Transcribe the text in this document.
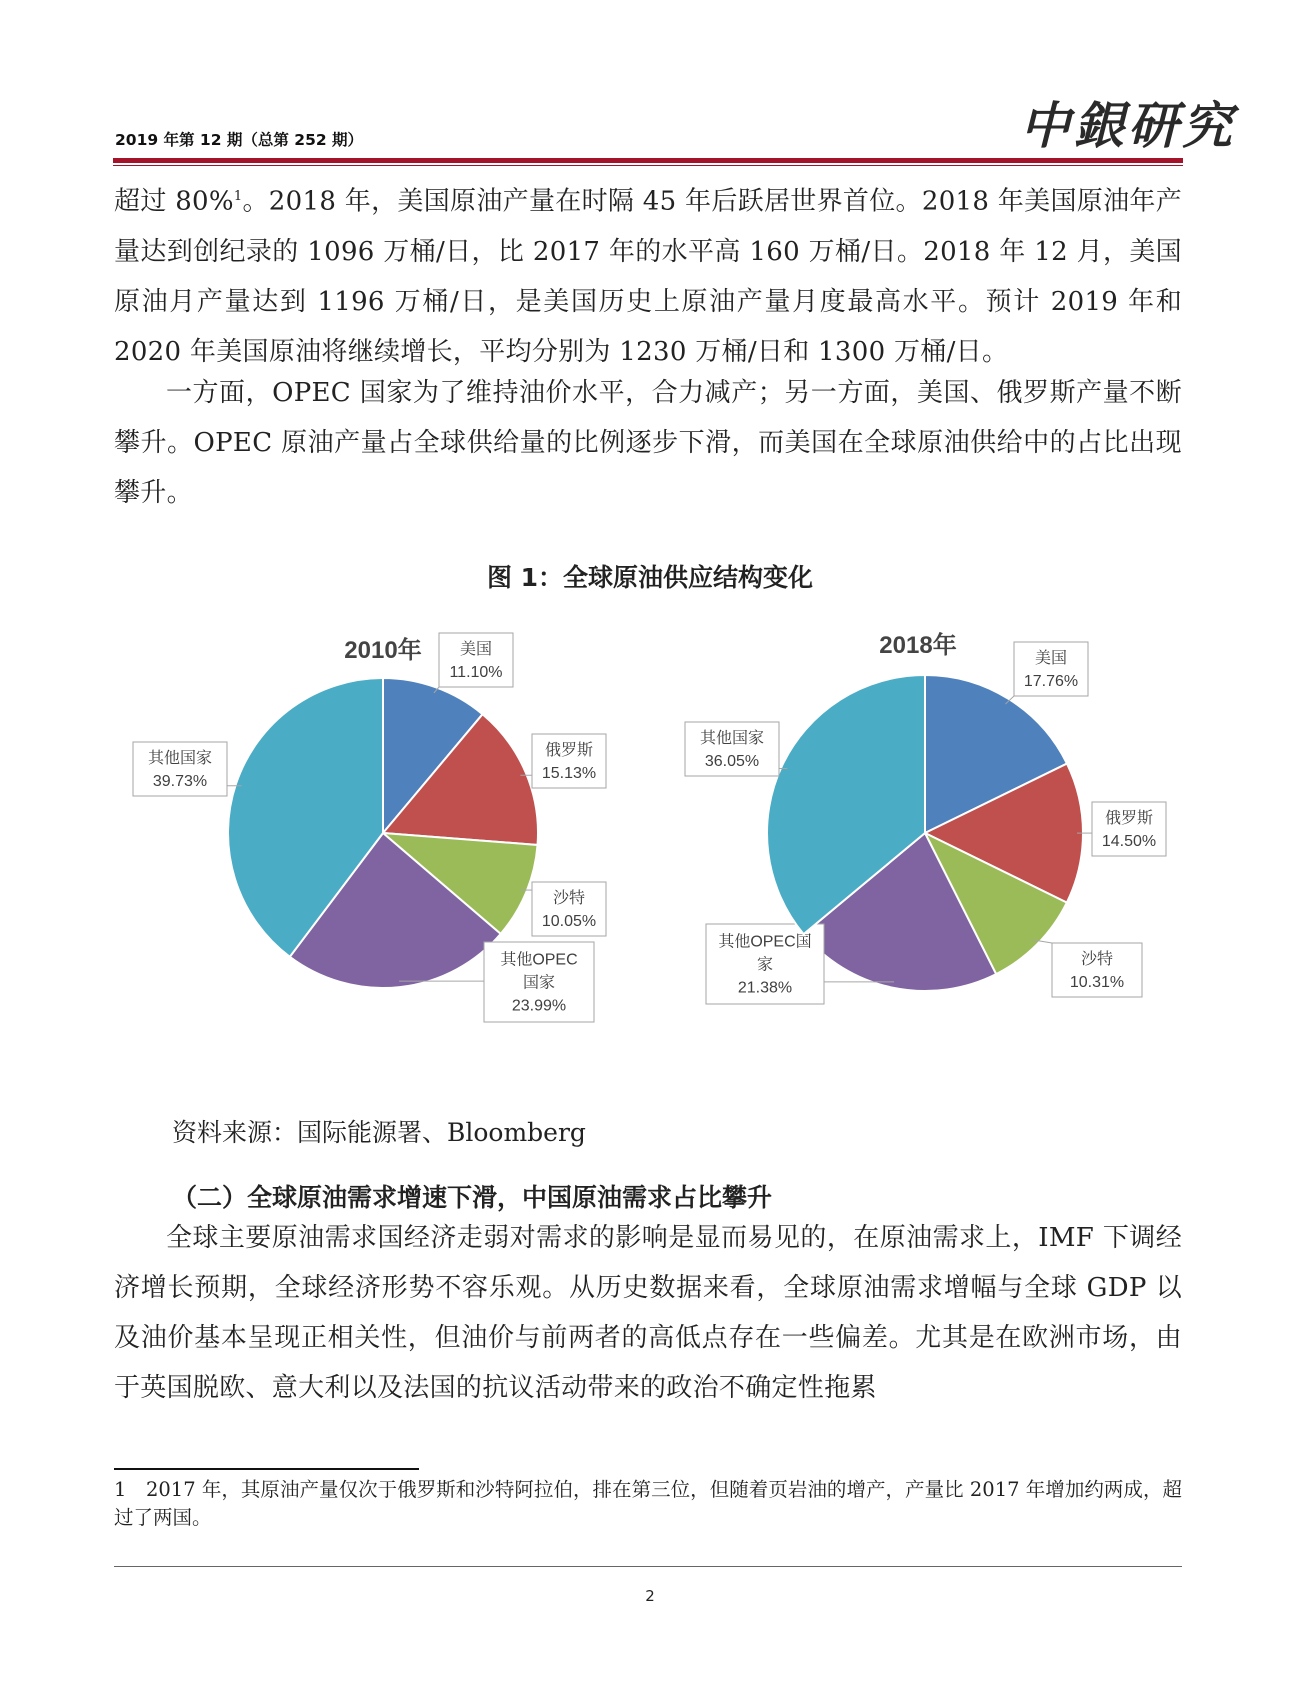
2019 年第 12 期（总第 252 期）	中銀研究
超过 80%$^1$。2018 年，美国原油产量在时隔 45 年后跃居世界首位。2018 年美国原油年产量达到创纪录的 1096 万桶/日，比 2017 年的水平高 160 万桶/日。2018 年 12 月，美国原油月产量达到 1196 万桶/日，是美国历史上原油产量月度最高水平。预计 2019 年和 2020 年美国原油将继续增长，平均分别为 1230 万桶/日和 1300 万桶/日。
一方面，OPEC 国家为了维持油价水平，合力减产；另一方面，美国、俄罗斯产量不断攀升。OPEC 原油产量占全球供给量的比例逐步下滑，而美国在全球原油供给中的占比出现攀升。
图 1：全球原油供应结构变化
2010年 美国
11.10%
俄罗斯
15.13%
沙特
10.05%
其他OPEC
国家
23.99%
其他国家
39.73%
2018年	美国
17.76%
俄罗斯
14.50%
沙特
10.31%
其他OPEC国
家
21.38%
其他国家
36.05%
资料来源：国际能源署、Bloomberg
（二）全球原油需求增速下滑，中国原油需求占比攀升
全球主要原油需求国经济走弱对需求的影响是显而易见的，在原油需求上，IMF 下调经济增长预期，全球经济形势不容乐观。从历史数据来看，全球原油需求增幅与全球 GDP 以及油价基本呈现正相关性，但油价与前两者的高低点存在一些偏差。尤其是在欧洲市场，由于英国脱欧、意大利以及法国的抗议活动带来的政治不确定性拖累
1　2017 年，其原油产量仅次于俄罗斯和沙特阿拉伯，排在第三位，但随着页岩油的增产，产量比 2017 年增加约两成，超过了两国。
2
